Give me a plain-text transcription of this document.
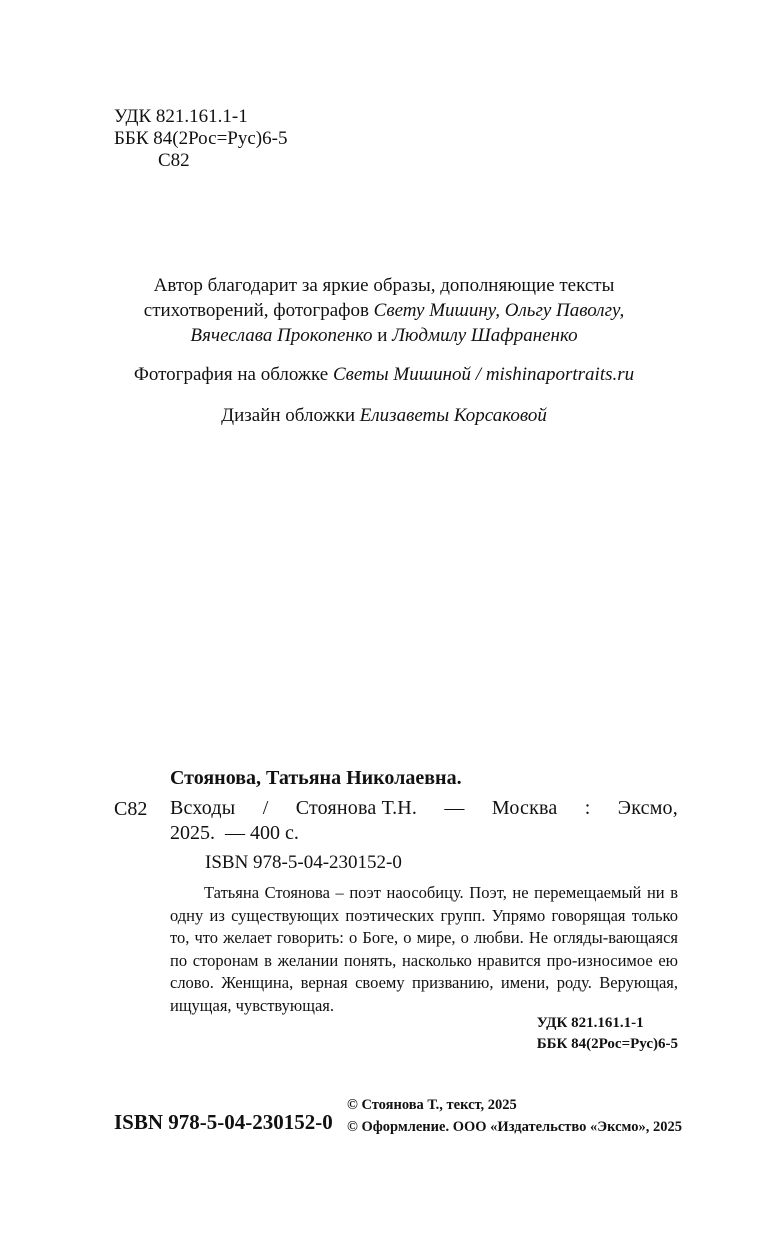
УДК 821.161.1-1
ББК 84(2Рос=Рус)6-5
С82
Автор благодарит за яркие образы, дополняющие тексты
стихотворений, фотографов Свету Мишину, Ольгу Паволгу,
Вячеслава Прокопенко и Людмилу Шафраненко
Фотография на обложке Светы Мишиной / mishinaportraits.ru
Дизайн обложки Елизаветы Корсаковой
Стоянова, Татьяна Николаевна.
С82 Всходы / Стоянова Т.Н. — Москва : Эксмо,
2025.  — 400 с.
ISBN 978-5-04-230152-0
Татьяна Стоянова – поэт наособицу. Поэт, не перемещаемый ни в одну из существующих поэтических групп. Упрямо говорящая только то, что желает говорить: о Боге, о мире, о любви. Не огляды-вающаяся по сторонам в желании понять, насколько нравится про-износимое ею слово. Женщина, верная своему призванию, имени, роду. Верующая, ищущая, чувствующая.
УДК 821.161.1-1
ББК 84(2Рос=Рус)6-5
© Стоянова Т., текст, 2025
© Оформление. ООО «Издательство «Эксмо», 2025
ISBN 978-5-04-230152-0
